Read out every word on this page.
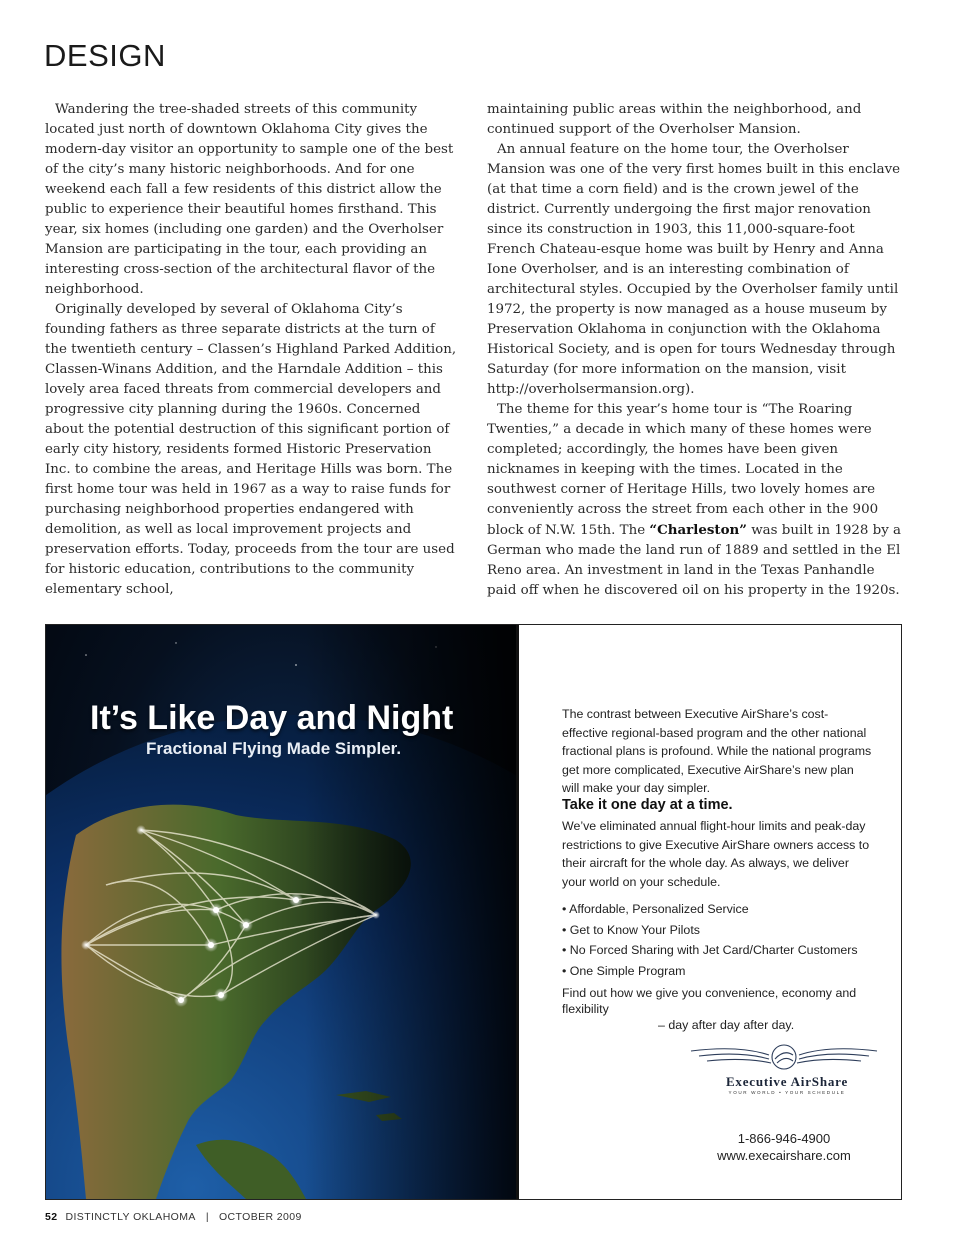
DESIGN

Wandering the tree-shaded streets of this community located just north of downtown Oklahoma City gives the modern-day visitor an opportunity to sample one of the best of the city’s many historic neighborhoods. And for one weekend each fall a few residents of this district allow the public to experience their beautiful homes firsthand. This year, six homes (including one garden) and the Overholser Mansion are participating in the tour, each providing an interesting cross-section of the architectural flavor of the neighborhood.

Originally developed by several of Oklahoma City’s founding fathers as three separate districts at the turn of the twentieth century – Classen’s Highland Parked Addition, Classen-Winans Addition, and the Harndale Addition – this lovely area faced threats from commercial developers and progressive city planning during the 1960s. Concerned about the potential destruction of this significant portion of early city history, residents formed Historic Preservation Inc. to combine the areas, and Heritage Hills was born. The first home tour was held in 1967 as a way to raise funds for purchasing neighborhood properties endangered with demolition, as well as local improvement projects and preservation efforts. Today, proceeds from the tour are used for historic education, contributions to the community elementary school,

maintaining public areas within the neighborhood, and continued support of the Overholser Mansion.

An annual feature on the home tour, the Overholser Mansion was one of the very first homes built in this enclave (at that time a corn field) and is the crown jewel of the district. Currently undergoing the first major renovation since its construction in 1903, this 11,000-square-foot French Chateau-esque home was built by Henry and Anna Ione Overholser, and is an interesting combination of architectural styles. Occupied by the Overholser family until 1972, the property is now managed as a house museum by Preservation Oklahoma in conjunction with the Oklahoma Historical Society, and is open for tours Wednesday through Saturday (for more information on the mansion, visit http://overholsermansion.org).

The theme for this year’s home tour is “The Roaring Twenties,” a decade in which many of these homes were completed; accordingly, the homes have been given nicknames in keeping with the times. Located in the southwest corner of Heritage Hills, two lovely homes are conveniently across the street from each other in the 900 block of N.W. 15th. The “Charleston” was built in 1928 by a German who made the land run of 1889 and settled in the El Reno area. An investment in land in the Texas Panhandle paid off when he discovered oil on his property in the 1920s.

It’s Like Day and Night

Fractional Flying Made Simpler.

The contrast between Executive AirShare’s cost-effective regional-based program and the other national fractional plans is profound. While the national programs get more complicated, Executive AirShare’s new plan will make your day simpler.

Take it one day at a time.

We’ve eliminated annual flight-hour limits and peak-day restrictions to give Executive AirShare owners access to their aircraft for the whole day. As always, we deliver your world on your schedule.

• Affordable, Personalized Service
• Get to Know Your Pilots
• No Forced Sharing with Jet Card/Charter Customers
• One Simple Program

Find out how we give you convenience, economy and flexibility
– day after day after day.

Executive AirShare

YOUR WORLD • YOUR SCHEDULE

1-866-946-4900

www.execairshare.com

52 DISTINCTLY OKLAHOMA | OCTOBER 2009
